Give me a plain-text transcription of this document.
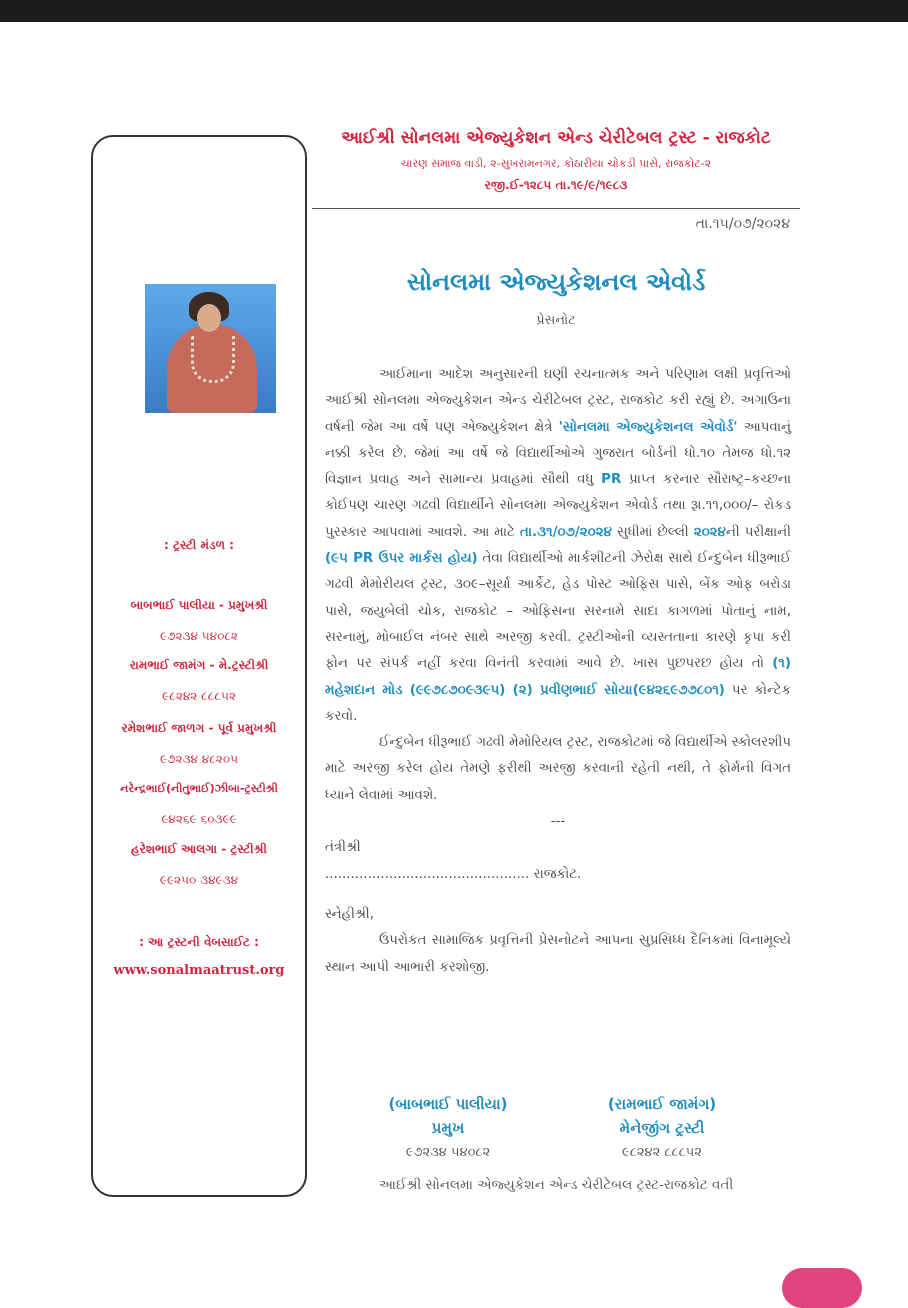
આઈશ્રી સોનલમા એજ્યુકેશન એન્ડ ચેરીટેબલ ટ્રસ્ટ - રાજકોટ
ચારણ સમાજ વાડી, ૨-સુખરામનગર, કોઠારીયા ચોકડી પાસે, રાજકોટ-૨
રજી.ઈ-૧૨૮૫ તા.૧૯/૯/૧૯૮૩
તા.૧૫/૦૭/૨૦૨૪
: ટ્રસ્ટી મંડળ :
બાબભાઈ પાલીયા - પ્રમુખશ્રી
૯૭૨૩૪ ૫૪૦૮૨
રામભાઈ જામંગ - મે.ટ્રસ્ટીશ્રી
૯૮૨૪૨ ૮૮૮૫૨
રમેશભાઈ જાળગ - પૂર્વ પ્રમુખશ્રી
૯૭૨૩૪ ૪૮૨૦૫
નરેન્દ્રભાઈ(નીતુભાઈ)ઝીબા-ટ્રસ્ટીશ્રી
૯૪૨૬૯ ૬૦૩૯૯
હરેશભાઈ આલગા - ટ્રસ્ટીશ્રી
૯૯૨૫૦ ૩૪૯૩૪
: આ ટ્રસ્ટની વેબસાઈટ :
www.sonalmaatrust.org
સોનલમા એજ્યુકેશનલ એવોર્ડ
પ્રેસનોટ

આઈમાના આદેશ અનુસારની ઘણી રચનાત્મક અને પરિણામ લક્ષી પ્રવૃત્તિઓ આઈશ્રી સોનલમા એજ્યુકેશન એન્ડ ચેરીટેબલ ટ્રસ્ટ, રાજકોટ કરી રહ્યું છે. અગાઉના વર્ષની જેમ આ વર્ષે પણ એજ્યુકેશન ક્ષેત્રે 'સોનલમા એજ્યુકેશનલ એવોર્ડ' આપવાનું નક્કી કરેલ છે. જેમાં આ વર્ષે જે વિદ્યાર્થીઓએ ગુજરાત બોર્ડની ધો.૧૦ તેમજ ધો.૧૨ વિજ્ઞાન પ્રવાહ અને સામાન્ય પ્રવાહમાં સૌથી વધુ PR પ્રાપ્ત કરનાર સૌરાષ્ટ્ર–કચ્છના કોઈપણ ચારણ ગઢવી વિદ્યાર્થીને સોનલમા એજ્યુકેશન એવોર્ડ તથા રૂા.૧૧,૦૦૦/– રોકડ પુરસ્કાર આપવામાં આવશે. આ માટે તા.૩૧/૦૭/૨૦૨૪ સુધીમાં છેલ્લી ૨૦૨૪ની પરીક્ષાની (૯૫ PR ઉપર માર્કસ હોય) તેવા વિદ્યાર્થીઓ માર્કશીટની ઝેરોક્ષ સાથે ઈન્દુબેન ધીરૂભાઈ ગઢવી મેમોરીયલ ટ્રસ્ટ, ૩૦૯–સૂર્યા આર્કેટ, હેડ પોસ્ટ ઓફિસ પાસે, બેંક ઓફ બરોડા પાસે, જયુબેલી ચોક, રાજકોટ – ઓફિસના સરનામે સાદા કાગળમાં પોતાનું નામ, સરનામું, મોબાઈલ નંબર સાથે અરજી કરવી. ટ્રસ્ટીઓની વ્યસ્તતાના કારણે કૃપા કરી ફોન પર સંપર્ક નહીં કરવા વિનંતી કરવામાં આવે છે. ખાસ પુછપરછ હોય તો (૧) મહેશદાન મોડ (૯૯૭૮૭૦૯૩૯૫) (૨) પ્રવીણભાઈ સોયા(૯૪૨૬૯૭૭૮૦૧) પર કોન્ટેક કરવો.

ઈન્દુબેન ધીરૂભાઈ ગઢવી મેમોરિયલ ટ્રસ્ટ, રાજકોટમાં જે વિદ્યાર્થીએ સ્કોલરશીપ માટે અરજી કરેલ હોય તેમણે ફરીથી અરજી કરવાની રહેતી નથી, તે ફોર્મની વિગત ધ્યાને લેવામાં આવશે.

---

તંત્રીશ્રી

................................................ રાજકોટ.

સ્નેહીશ્રી,

ઉપરોકત સામાજિક પ્રવૃત્તિની પ્રેસનોટને આપના સુપ્રસિધ્ધ દૈનિકમાં વિનામૂલ્યે સ્થાન આપી આભારી કરશોજી.

(બાબભાઈ પાલીયા)
પ્રમુખ
૯૭૨૩૪ ૫૪૦૮૨
(રામભાઈ જામંગ)
મેનેજીંગ ટ્રસ્ટી
૯૮૨૪૨ ૮૮૮૫૨
આઈશ્રી સોનલમા એજ્યુકેશન એન્ડ ચેરીટેબલ ટ્રસ્ટ-રાજકોટ વતી
